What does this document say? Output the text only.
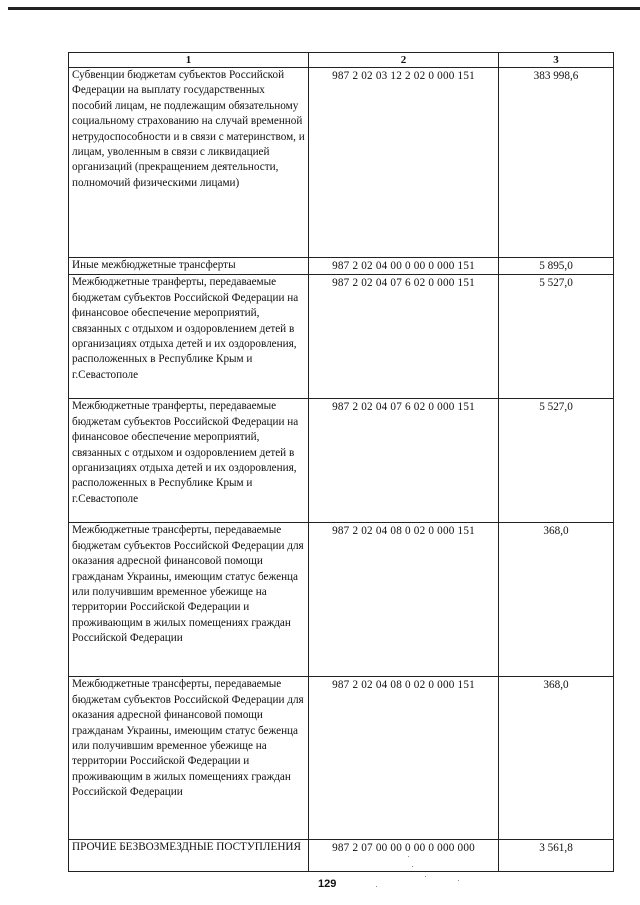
1	2	3
Субвенции бюджетам субъектов Российской Федерации на выплату государственных пособий лицам, не подлежащим обязательному социальному страхованию на случай временной нетрудоспособности и в связи с материнством, и лицам, уволенным в связи с ликвидацией организаций (прекращением деятельности, полномочий физическими лицами)	987 2 02 03 12 2 02 0 000 151	383 998,6
Иные межбюджетные трансферты	987 2 02 04 00 0 00 0 000 151	5 895,0
Межбюджетные транферты, передаваемые бюджетам субъектов Российской Федерации на финансовое обеспечение мероприятий, связанных с отдыхом и оздоровлением детей в организациях отдыха детей и их оздоровления, расположенных в Республике Крым и г.Севастополе	987 2 02 04 07 6 02 0 000 151	5 527,0
Межбюджетные транферты, передаваемые бюджетам субъектов Российской Федерации на финансовое обеспечение мероприятий, связанных с отдыхом и оздоровлением детей в организациях отдыха детей и их оздоровления, расположенных в Республике Крым и г.Севастополе	987 2 02 04 07 6 02 0 000 151	5 527,0
Межбюджетные трансферты, передаваемые бюджетам субъектов Российской Федерации для оказания адресной финансовой помощи гражданам Украины, имеющим статус беженца или получившим временное убежище на территории Российской Федерации и проживающим в жилых помещениях граждан Российской Федерации	987 2 02 04 08 0 02 0 000 151	368,0
Межбюджетные трансферты, передаваемые бюджетам субъектов Российской Федерации для оказания адресной финансовой помощи гражданам Украины, имеющим статус беженца или получившим временное убежище на территории Российской Федерации и проживающим в жилых помещениях граждан Российской Федерации	987 2 02 04 08 0 02 0 000 151	368,0
ПРОЧИЕ БЕЗВОЗМЕЗДНЫЕ ПОСТУПЛЕНИЯ	987 2 07 00 00 0 00 0 000 000	3 561,8
129
